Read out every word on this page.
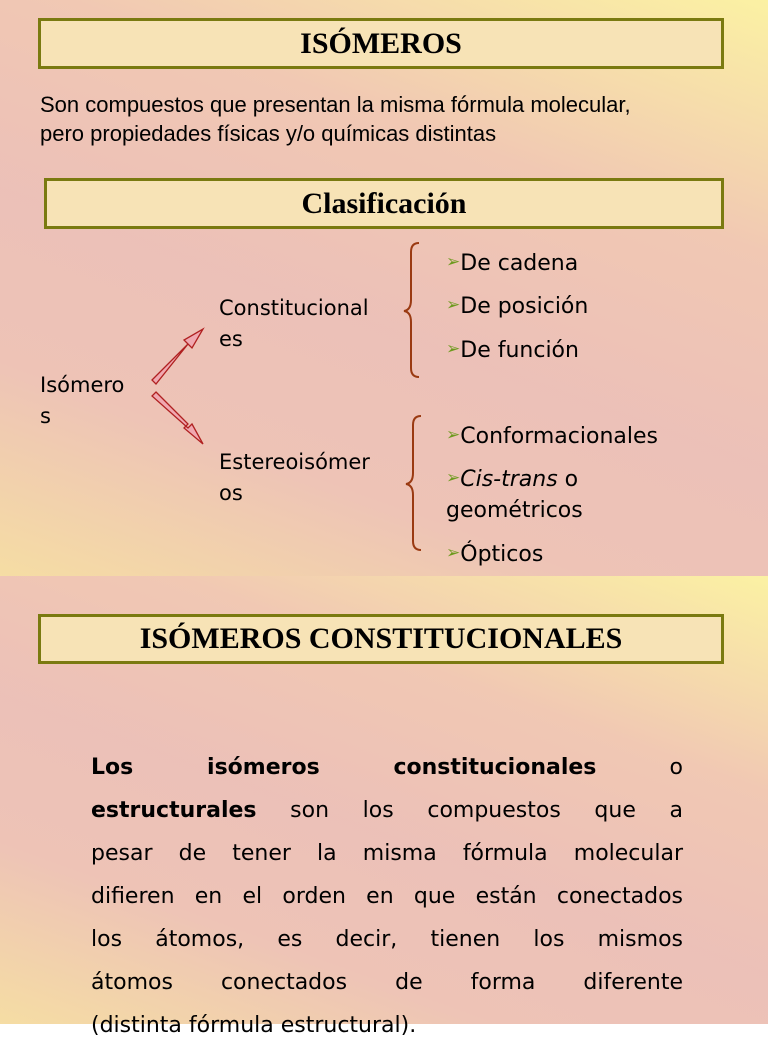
ISÓMEROS
Son compuestos que presentan la misma fórmula molecular,
pero propiedades físicas y/o químicas distintas
Clasificación
Isómero
s
Constitucional
es
Estereoisómer
os
➢De cadena
➢De posición
➢De función
➢Conformacionales
➢Cis-trans o
geométricos
➢Ópticos
ISÓMEROS CONSTITUCIONALES
Los isómeros constitucionales o
estructurales son los compuestos que a
pesar de tener la misma fórmula molecular
difieren en el orden en que están conectados
los átomos, es decir, tienen los mismos
átomos conectados de forma diferente
(distinta fórmula estructural).
